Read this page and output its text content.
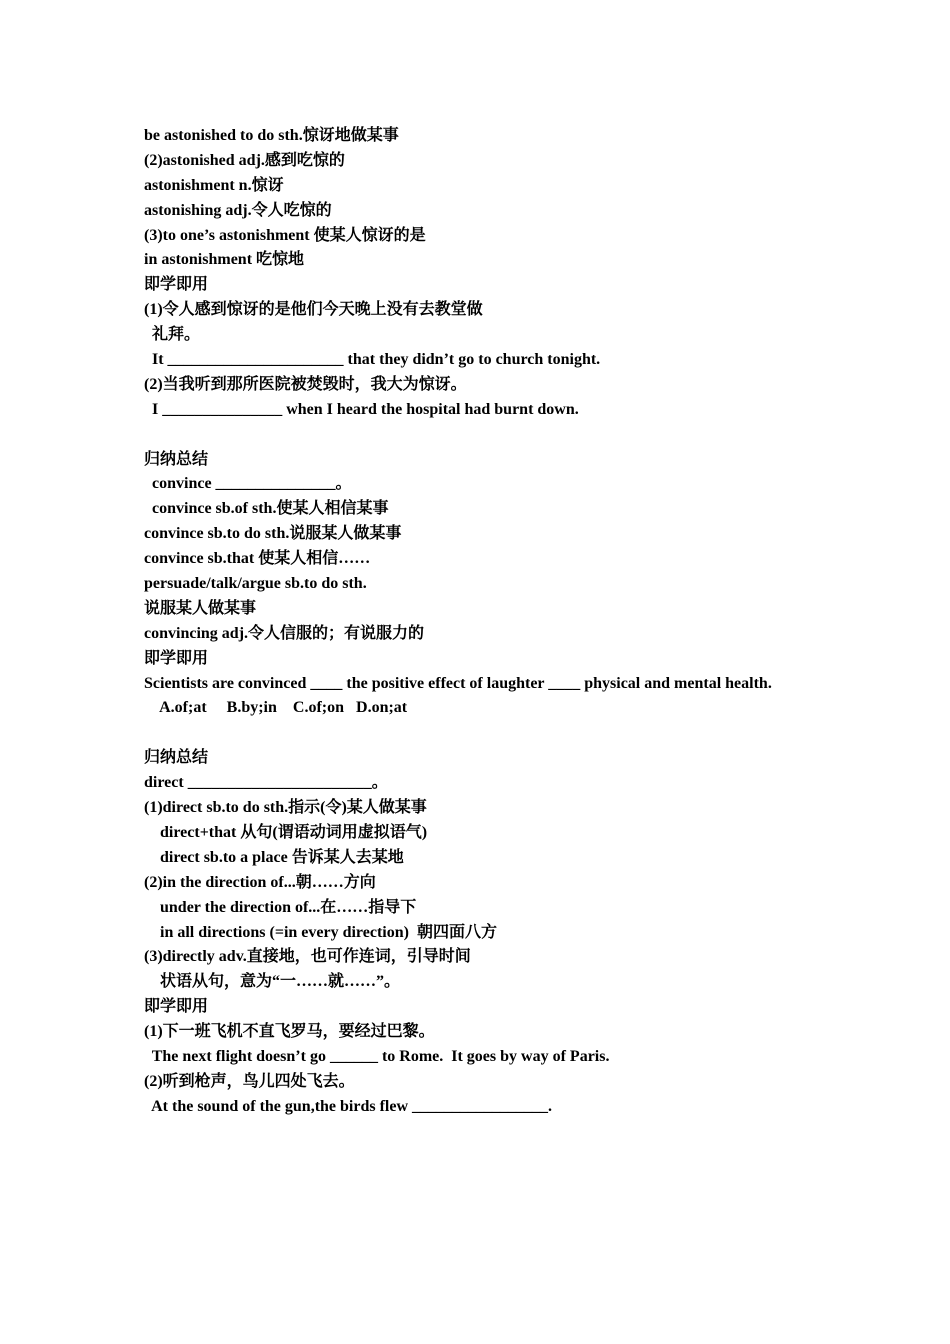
be astonished to do sth.惊讶地做某事
(2)astonished adj.感到吃惊的
astonishment n.惊讶
astonishing adj.令人吃惊的
(3)to one’s astonishment 使某人惊讶的是
in astonishment 吃惊地
即学即用
(1)令人感到惊讶的是他们今天晚上没有去教堂做
礼拜。
It ______________________ that they didn’t go to church tonight.
(2)当我听到那所医院被焚毁时，我大为惊讶。
I _______________ when I heard the hospital had burnt down.
归纳总结
convince _______________。
convince sb.of sth.使某人相信某事
convince sb.to do sth.说服某人做某事
convince sb.that 使某人相信……
persuade/talk/argue sb.to do sth.
说服某人做某事
convincing adj.令人信服的；有说服力的
即学即用
Scientists are convinced ____ the positive effect of laughter ____ physical and mental health.
A.of;at     B.by;in    C.of;on   D.on;at
归纳总结
direct _______________________。
(1)direct sb.to do sth.指示(令)某人做某事
direct+that 从句(谓语动词用虚拟语气)
direct sb.to a place 告诉某人去某地
(2)in the direction of...朝……方向
under the direction of...在……指导下
in all directions (=in every direction)  朝四面八方
(3)directly adv.直接地，也可作连词，引导时间
状语从句，意为“一……就……”。
即学即用
(1)下一班飞机不直飞罗马，要经过巴黎。
The next flight doesn’t go ______ to Rome.  It goes by way of Paris.
(2)听到枪声，鸟儿四处飞去。
At the sound of the gun,the birds flew _________________.
